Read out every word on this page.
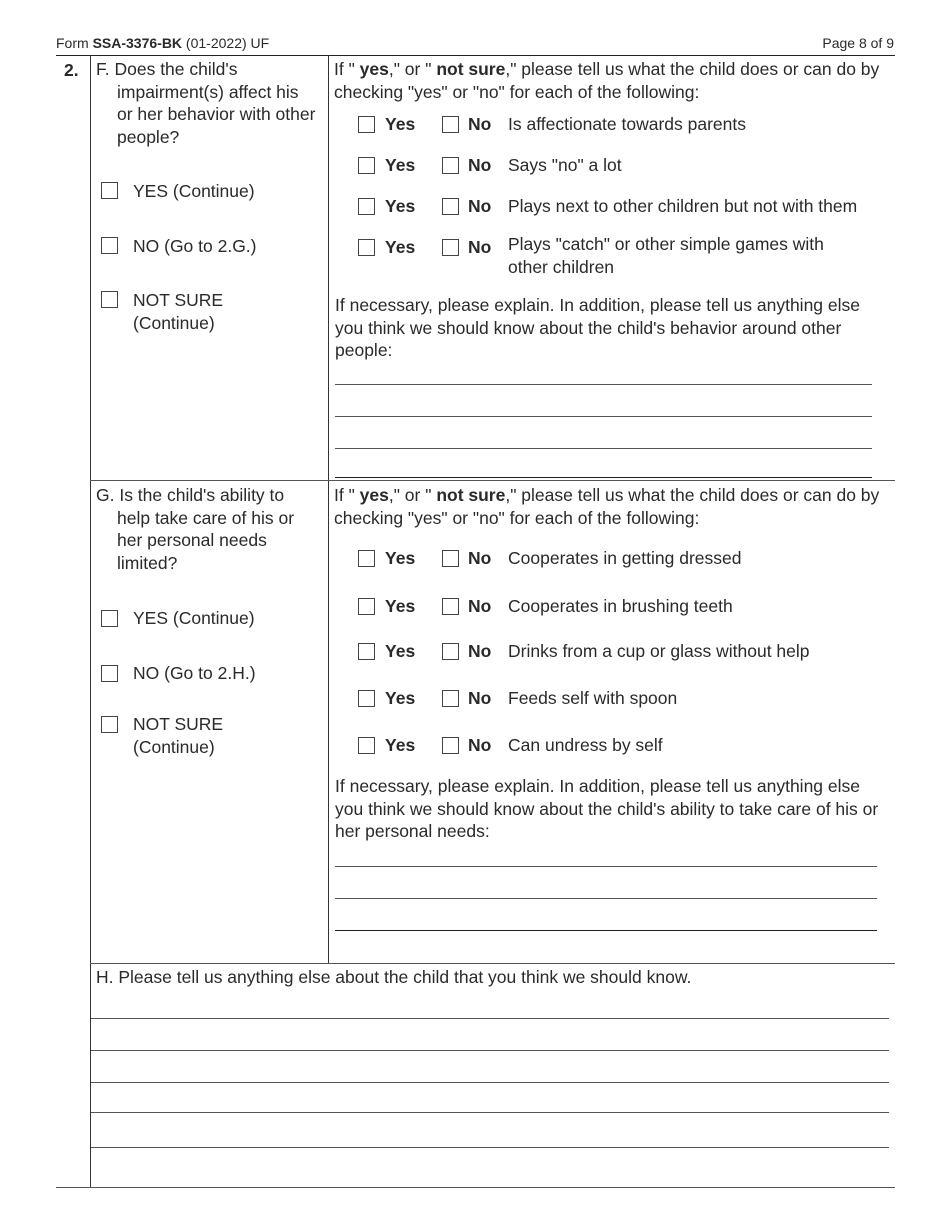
Form SSA-3376-BK (01-2022) UF	Page 8 of 9
2. F. Does the child's impairment(s) affect his or her behavior with other people?
YES (Continue)
NO (Go to 2.G.)
NOT SURE (Continue)
If " yes," or " not sure," please tell us what the child does or can do by checking "yes" or "no" for each of the following:
Yes	No Is affectionate towards parents
Yes	No Says "no" a lot
Yes	No Plays next to other children but not with them
Yes	No Plays "catch" or other simple games with other children
If necessary, please explain. In addition, please tell us anything else you think we should know about the child's behavior around other people:
G. Is the child's ability to help take care of his or her personal needs limited?
YES (Continue)
NO (Go to 2.H.)
NOT SURE (Continue)
If " yes," or " not sure," please tell us what the child does or can do by checking "yes" or "no" for each of the following:
Yes	No Cooperates in getting dressed
Yes	No Cooperates in brushing teeth
Yes	No Drinks from a cup or glass without help
Yes	No Feeds self with spoon
Yes	No Can undress by self
If necessary, please explain. In addition, please tell us anything else you think we should know about the child's ability to take care of his or her personal needs:
H. Please tell us anything else about the child that you think we should know.
